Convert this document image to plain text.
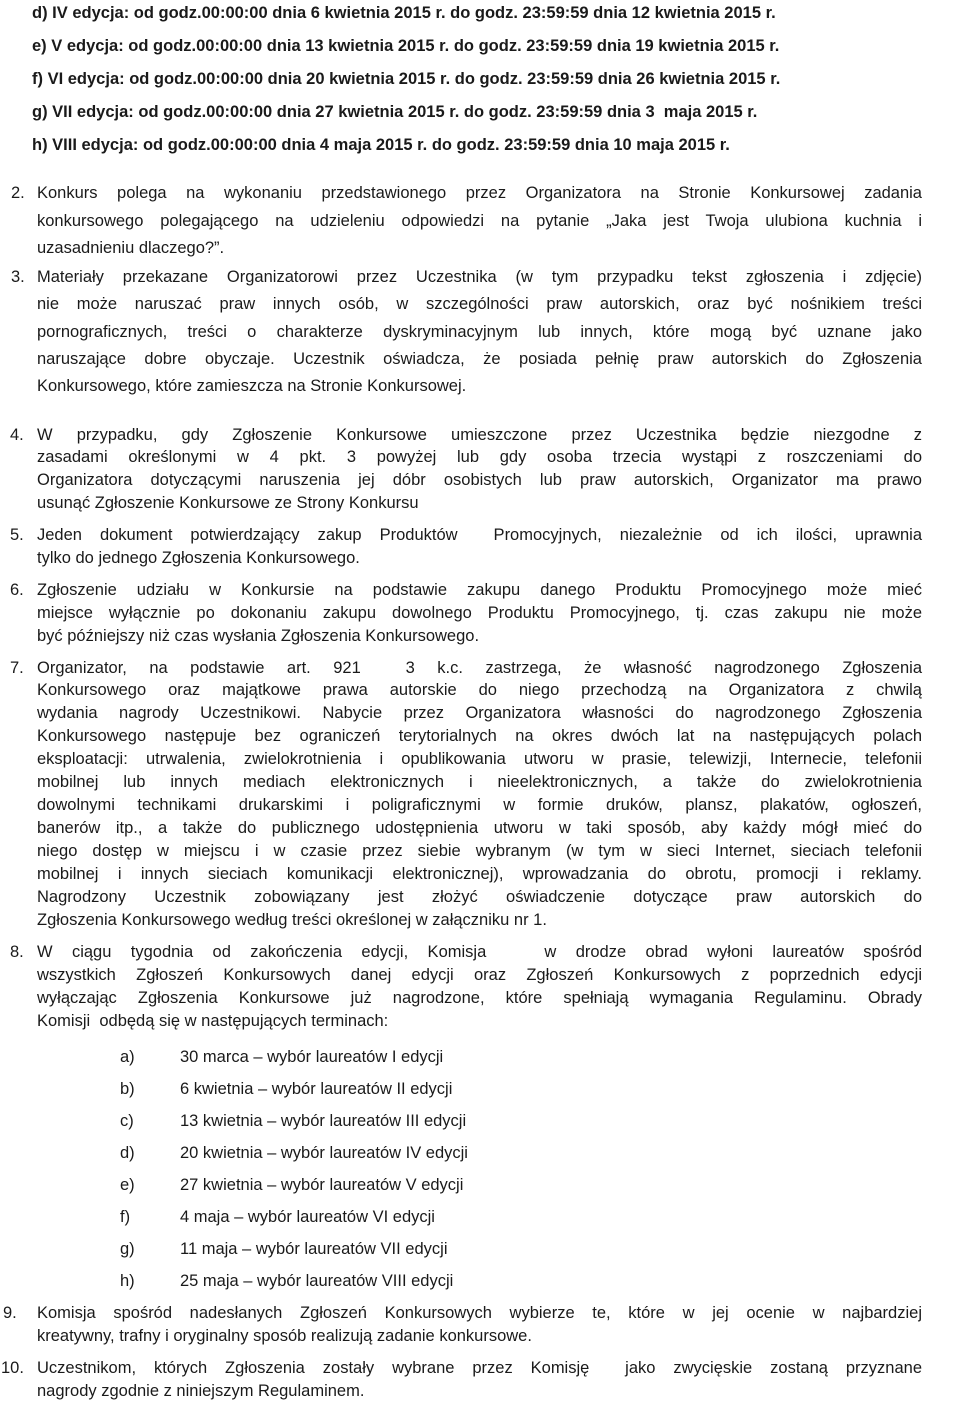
d) IV edycja: od godz.00:00:00 dnia 6 kwietnia 2015 r. do godz. 23:59:59 dnia 12 kwietnia 2015 r.
e) V edycja: od godz.00:00:00 dnia 13 kwietnia 2015 r. do godz. 23:59:59 dnia 19 kwietnia 2015 r.
f) VI edycja: od godz.00:00:00 dnia 20 kwietnia 2015 r. do godz. 23:59:59 dnia 26 kwietnia 2015 r.
g) VII edycja: od godz.00:00:00 dnia 27 kwietnia 2015 r. do godz. 23:59:59 dnia 3  maja 2015 r.
h) VIII edycja: od godz.00:00:00 dnia 4 maja 2015 r. do godz. 23:59:59 dnia 10 maja 2015 r.
2. Konkurs polega na wykonaniu przedstawionego przez Organizatora na Stronie Konkursowej zadania
konkursowego polegającego na udzieleniu odpowiedzi na pytanie „Jaka jest Twoja ulubiona kuchnia i
uzasadnieniu dlaczego?”.
3. Materiały przekazane Organizatorowi przez Uczestnika (w tym przypadku tekst zgłoszenia i zdjęcie)
nie może naruszać praw innych osób, w szczególności praw autorskich, oraz być nośnikiem treści
pornograficznych, treści o charakterze dyskryminacyjnym lub innych, które mogą być uznane jako
naruszające dobre obyczaje. Uczestnik oświadcza, że posiada pełnię praw autorskich do Zgłoszenia
Konkursowego, które zamieszcza na Stronie Konkursowej.
4. W przypadku, gdy Zgłoszenie Konkursowe umieszczone przez Uczestnika będzie niezgodne z
zasadami określonymi w 4 pkt. 3 powyżej lub gdy osoba trzecia wystąpi z roszczeniami do
Organizatora dotyczącymi naruszenia jej dóbr osobistych lub praw autorskich, Organizator ma prawo
usunąć Zgłoszenie Konkursowe ze Strony Konkursu
5. Jeden dokument potwierdzający zakup Produktów  Promocyjnych, niezależnie od ich ilości, uprawnia
tylko do jednego Zgłoszenia Konkursowego.
6. Zgłoszenie udziału w Konkursie na podstawie zakupu danego Produktu Promocyjnego może mieć
miejsce wyłącznie po dokonaniu zakupu dowolnego Produktu Promocyjnego, tj. czas zakupu nie może
być późniejszy niż czas wysłania Zgłoszenia Konkursowego.
7. Organizator, na podstawie art. 921  3 k.c. zastrzega, że własność nagrodzonego Zgłoszenia
Konkursowego oraz majątkowe prawa autorskie do niego przechodzą na Organizatora z chwilą
wydania nagrody Uczestnikowi. Nabycie przez Organizatora własności do nagrodzonego Zgłoszenia
Konkursowego następuje bez ograniczeń terytorialnych na okres dwóch lat na następujących polach
eksploatacji: utrwalenia, zwielokrotnienia i opublikowania utworu w prasie, telewizji, Internecie, telefonii
mobilnej lub innych mediach elektronicznych i nieelektronicznych, a także do zwielokrotnienia
dowolnymi technikami drukarskimi i poligraficznymi w formie druków, plansz, plakatów, ogłoszeń,
banerów itp., a także do publicznego udostępnienia utworu w taki sposób, aby każdy mógł mieć do
niego dostęp w miejscu i w czasie przez siebie wybranym (w tym w sieci Internet, sieciach telefonii
mobilnej i innych sieciach komunikacji elektronicznej), wprowadzania do obrotu, promocji i reklamy.
Nagrodzony Uczestnik zobowiązany jest złożyć oświadczenie dotyczące praw autorskich do
Zgłoszenia Konkursowego według treści określonej w załączniku nr 1.
8. W ciągu tygodnia od zakończenia edycji, Komisja   w drodze obrad wyłoni laureatów spośród
wszystkich Zgłoszeń Konkursowych danej edycji oraz Zgłoszeń Konkursowych z poprzednich edycji
wyłączając Zgłoszenia Konkursowe już nagrodzone, które spełniają wymagania Regulaminu. Obrady
Komisji  odbędą się w następujących terminach:
a)	30 marca – wybór laureatów I edycji
b)	6 kwietnia – wybór laureatów II edycji
c)	13 kwietnia – wybór laureatów III edycji
d)	20 kwietnia – wybór laureatów IV edycji
e)	27 kwietnia – wybór laureatów V edycji
f)	4 maja – wybór laureatów VI edycji
g)	11 maja – wybór laureatów VII edycji
h)	25 maja – wybór laureatów VIII edycji
9. Komisja spośród nadesłanych Zgłoszeń Konkursowych wybierze te, które w jej ocenie w najbardziej
kreatywny, trafny i oryginalny sposób realizują zadanie konkursowe.
10. Uczestnikom, których Zgłoszenia zostały wybrane przez Komisję  jako zwycięskie zostaną przyznane
nagrody zgodnie z niniejszym Regulaminem.
